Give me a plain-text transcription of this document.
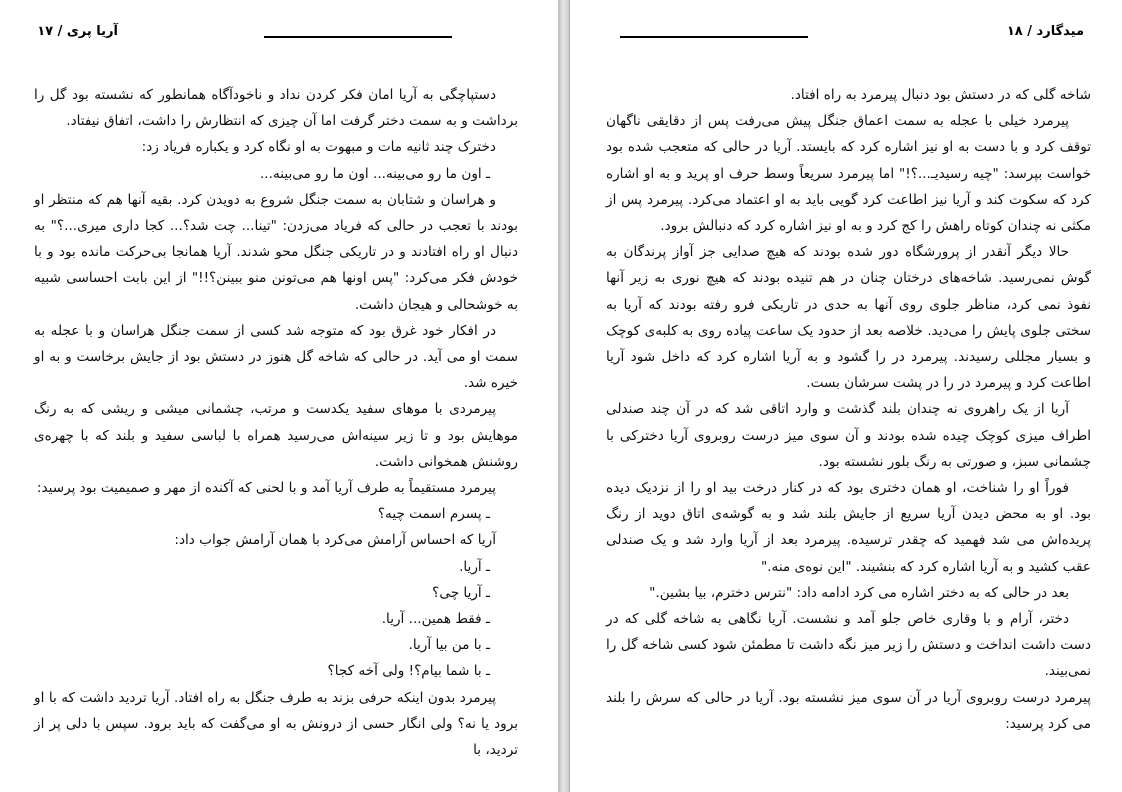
آریا پری / ۱۷

دستپاچگی به آریا امان فکر کردن نداد و ناخودآگاه همانطور که نشسته بود گل را برداشت و به سمت دختر گرفت اما آن چیزی که انتظارش را داشت، اتفاق نیفتاد.

دخترک چند ثانیه مات و مبهوت به او نگاه کرد و یکباره فریاد زد:

ـ اون ما رو می‌بینه... اون ما رو می‌بینه...

و هراسان و شتابان به سمت جنگل شروع به دویدن کرد. بقیه آنها هم که منتظر او بودند با تعجب در حالی که فریاد می‌زدن: "تینا... چت شد؟... کجا داری میری...؟" به دنبال او راه افتادند و در تاریکی جنگل محو شدند. آریا همانجا بی‌حرکت مانده بود و با خودش فکر می‌کرد: "پس اونها هم می‌تونن منو ببینن؟!!" از این بابت احساسی شبیه به خوشحالی و هیجان داشت.

در افکار خود غرق بود که متوجه شد کسی از سمت جنگل هراسان و با عجله به سمت او می آید. در حالی که شاخه گل هنوز در دستش بود از جایش برخاست و به او خیره شد.

پیرمردی با موهای سفید یکدست و مرتب، چشمانی میشی و ریشی که به رنگ موهایش بود و تا زیر سینه‌اش می‌رسید همراه با لباسی سفید و بلند که با چهره‌ی روشنش همخوانی داشت.

پیرمرد مستقیماً به طرف آریا آمد و با لحنی که آکنده از مهر و صمیمیت بود پرسید:

ـ پسرم اسمت چیه؟

آریا که احساس آرامش می‌کرد با همان آرامش جواب داد:

ـ آریا.

ـ آریا چی؟

ـ فقط همین... آریا.

ـ با من بیا آریا.

ـ با شما بیام؟! ولی آخه کجا؟

پیرمرد بدون اینکه حرفی بزند به طرف جنگل به راه افتاد. آریا تردید داشت که با او برود یا نه؟ ولی انگار حسی از درونش به او می‌گفت که باید برود. سپس با دلی پر از تردید، با

میدگارد / ۱۸

شاخه گلی که در دستش بود دنبال پیرمرد به راه افتاد.

پیرمرد خیلی با عجله به سمت اعماق جنگل پیش می‌رفت پس از دقایقی ناگهان توقف کرد و با دست به او نیز اشاره کرد که بایستد. آریا در حالی که متعجب شده بود خواست بپرسد: "چیه رسیدیـ...؟!" اما پیرمرد سریعاً وسط حرف او پرید و به او اشاره کرد که سکوت کند و آریا نیز اطاعت کرد گویی باید به او اعتماد می‌کرد. پیرمرد پس از مکثی نه چندان کوتاه راهش را کج کرد و به او نیز اشاره کرد که دنبالش برود.

حالا دیگر آنقدر از پرورشگاه دور شده بودند که هیچ صدایی جز آواز پرندگان به گوش نمی‌رسید. شاخه‌های درختان چنان در هم تنیده بودند که هیچ نوری به زیر آنها نفوذ نمی کرد، مناظر جلوی روی آنها به حدی در تاریکی فرو رفته بودند که آریا به سختی جلوی پایش را می‌دید. خلاصه بعد از حدود یک ساعت پیاده روی به کلبه‌ی کوچک و بسیار مجللی رسیدند. پیرمرد در را گشود و به آریا اشاره کرد که داخل شود آریا اطاعت کرد و پیرمرد در را در پشت سرشان بست.

آریا از یک راهروی نه چندان بلند گذشت و وارد اتاقی شد که در آن چند صندلی اطراف میزی کوچک چیده شده بودند و آن سوی میز درست روبروی آریا دخترکی با چشمانی سبز، و صورتی به رنگ بلور نشسته بود.

فوراً او را شناخت، او همان دختری بود که در کنار درخت بید او را از نزدیک دیده بود. او به محض دیدن آریا سریع از جایش بلند شد و به گوشه‌ی اتاق دوید از رنگ پریده‌اش می شد فهمید که چقدر ترسیده. پیرمرد بعد از آریا وارد شد و یک صندلی عقب کشید و به آریا اشاره کرد که بنشیند. "این نوه‌ی منه."

بعد در حالی که به دختر اشاره می کرد ادامه داد: "نترس دخترم، بیا بشین."

دختر، آرام و با وقاری خاص جلو آمد و نشست. آریا نگاهی به شاخه گلی که در دست داشت انداخت و دستش را زیر میز نگه داشت تا مطمئن شود کسی شاخه گل را نمی‌بیند.

پیرمرد درست روبروی آریا در آن سوی میز نشسته بود. آریا در حالی که سرش را بلند می کرد پرسید:
